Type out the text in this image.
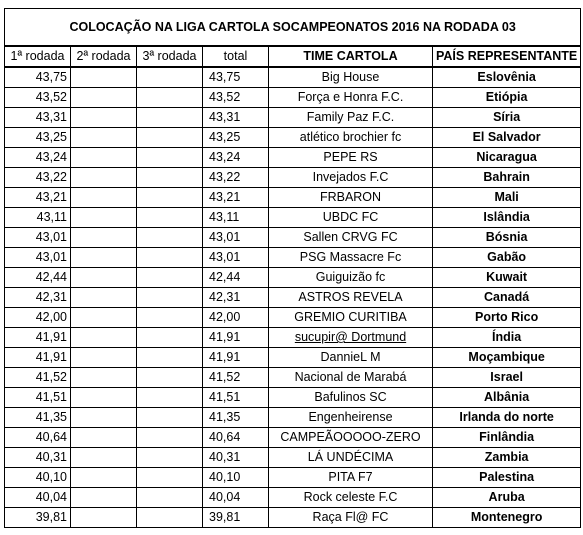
COLOCAÇÃO NA LIGA CARTOLA SOCAMPEONATOS 2016 NA RODADA 03					
1ª rodada	2ª rodada	3ª rodada	total	TIME CARTOLA	PAÍS REPRESENTANTE
43,75			43,75	Big House	Eslovênia
43,52			43,52	Força e Honra F.C.	Etiópia
43,31			43,31	Family Paz F.C.	Síria
43,25			43,25	atlético brochier fc	El Salvador
43,24			43,24	PEPE RS	Nicaragua
43,22			43,22	Invejados F.C	Bahrain
43,21			43,21	FRBARON	Mali
43,11			43,11	UBDC FC	Islândia
43,01			43,01	Sallen CRVG FC	Bósnia
43,01			43,01	PSG Massacre Fc	Gabão
42,44			42,44	Guiguizão fc	Kuwait
42,31			42,31	ASTROS REVELA	Canadá
42,00			42,00	GREMIO CURITIBA	Porto Rico
41,91			41,91	sucupir@ Dortmund	Índia
41,91			41,91	DannieL M	Moçambique
41,52			41,52	Nacional de Marabá	Israel
41,51			41,51	Bafulinos SC	Albânia
41,35			41,35	Engenheirense	Irlanda do norte
40,64			40,64	CAMPEÃOOOOO-ZERO	Finlândia
40,31			40,31	LÁ UNDÉCIMA	Zambia
40,10			40,10	PITA F7	Palestina
40,04			40,04	Rock celeste F.C	Aruba
39,81			39,81	Raça Fl@ FC	Montenegro
